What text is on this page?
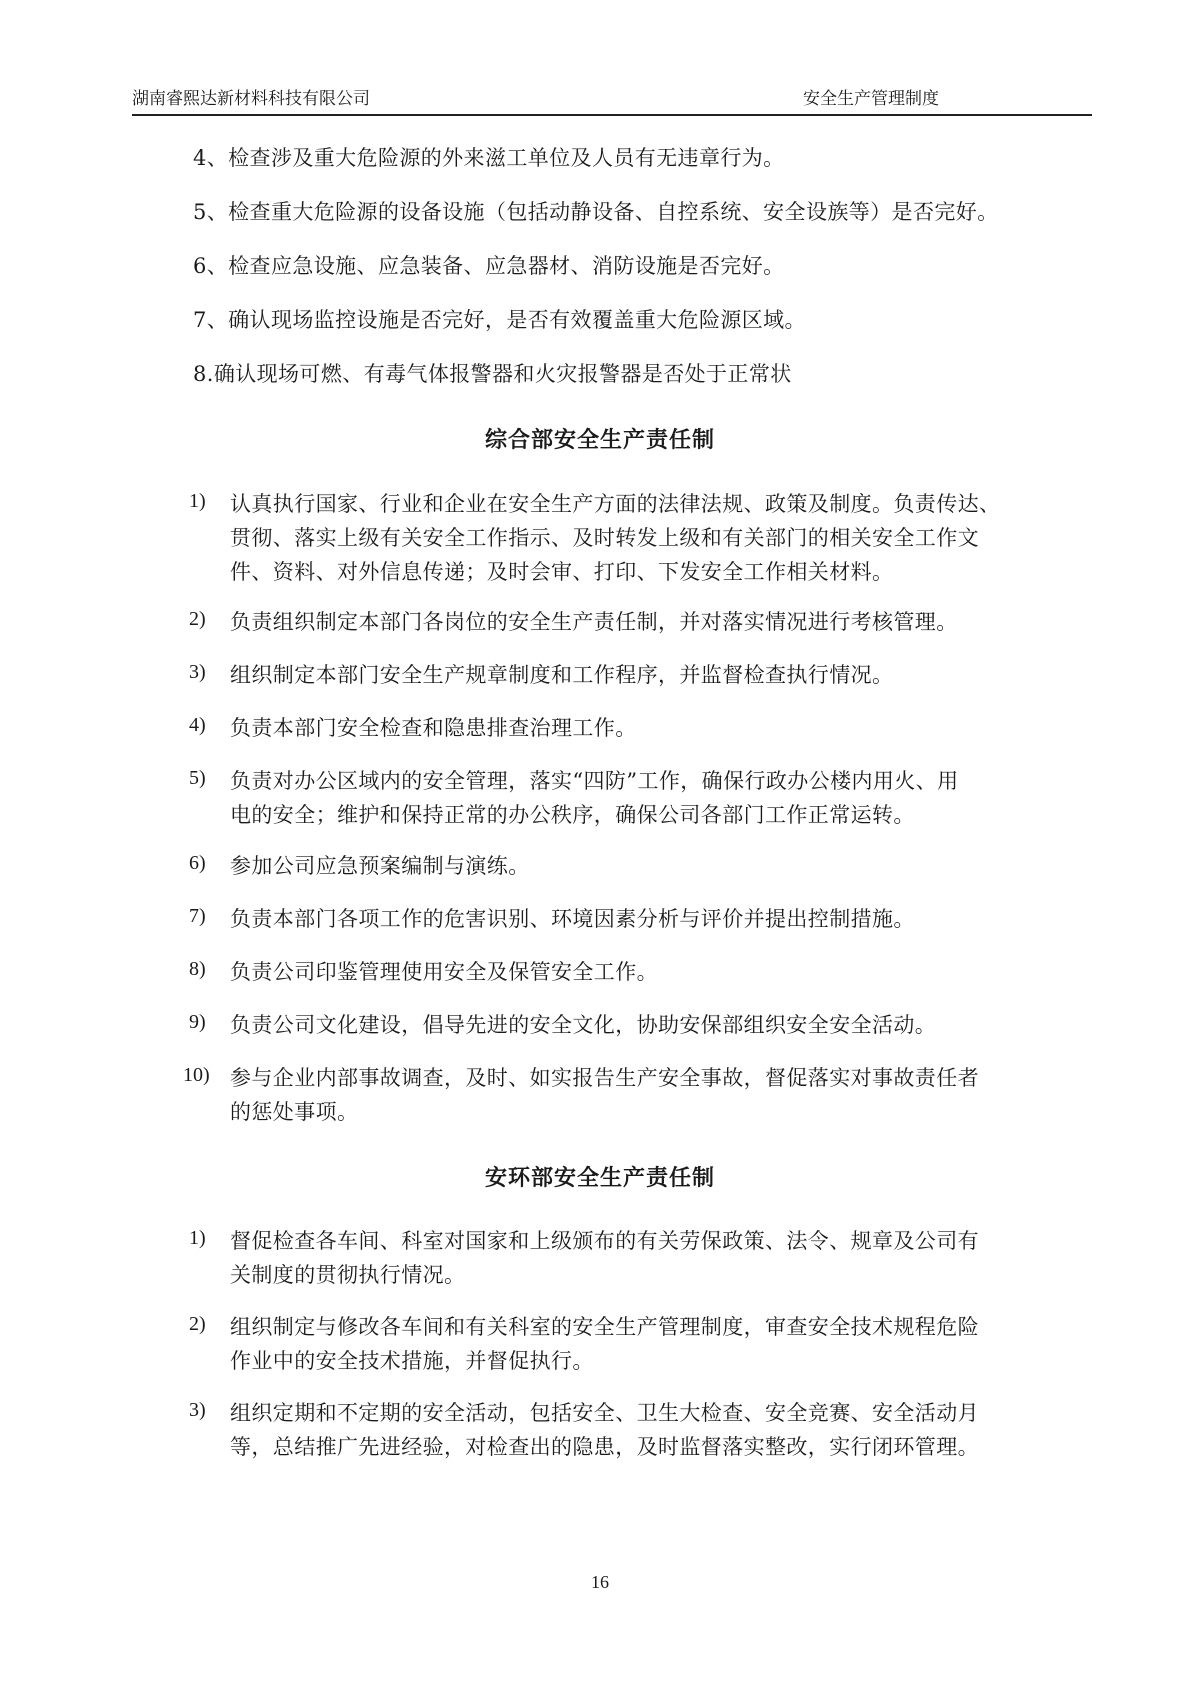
湖南睿熙达新材料科技有限公司	安全生产管理制度
4、检查涉及重大危险源的外来滋工单位及人员有无违章行为。
5、检查重大危险源的设备设施（包括动静设备、自控系统、安全设族等）是否完好。
6、检查应急设施、应急装备、应急器材、消防设施是否完好。
7、确认现场监控设施是否完好，是否有效覆盖重大危险源区域。
8.确认现场可燃、有毒气体报警器和火灾报警器是否处于正常状
综合部安全生产责任制
1) 认真执行国家、行业和企业在安全生产方面的法律法规、政策及制度。负责传达、
贯彻、落实上级有关安全工作指示、及时转发上级和有关部门的相关安全工作文
件、资料、对外信息传递；及时会审、打印、下发安全工作相关材料。
2) 负责组织制定本部门各岗位的安全生产责任制，并对落实情况进行考核管理。
3) 组织制定本部门安全生产规章制度和工作程序，并监督检查执行情况。
4) 负责本部门安全检查和隐患排查治理工作。
5) 负责对办公区域内的安全管理，落实“四防”工作，确保行政办公楼内用火、用
电的安全；维护和保持正常的办公秩序，确保公司各部门工作正常运转。
6) 参加公司应急预案编制与演练。
7) 负责本部门各项工作的危害识别、环境因素分析与评价并提出控制措施。
8) 负责公司印鉴管理使用安全及保管安全工作。
9) 负责公司文化建设，倡导先进的安全文化，协助安保部组织安全安全活动。
10) 参与企业内部事故调查，及时、如实报告生产安全事故，督促落实对事故责任者
的惩处事项。
安环部安全生产责任制
1) 督促检查各车间、科室对国家和上级颁布的有关劳保政策、法令、规章及公司有
关制度的贯彻执行情况。
2) 组织制定与修改各车间和有关科室的安全生产管理制度，审查安全技术规程危险
作业中的安全技术措施，并督促执行。
3) 组织定期和不定期的安全活动，包括安全、卫生大检查、安全竞赛、安全活动月
等，总结推广先进经验，对检查出的隐患，及时监督落实整改，实行闭环管理。
16
